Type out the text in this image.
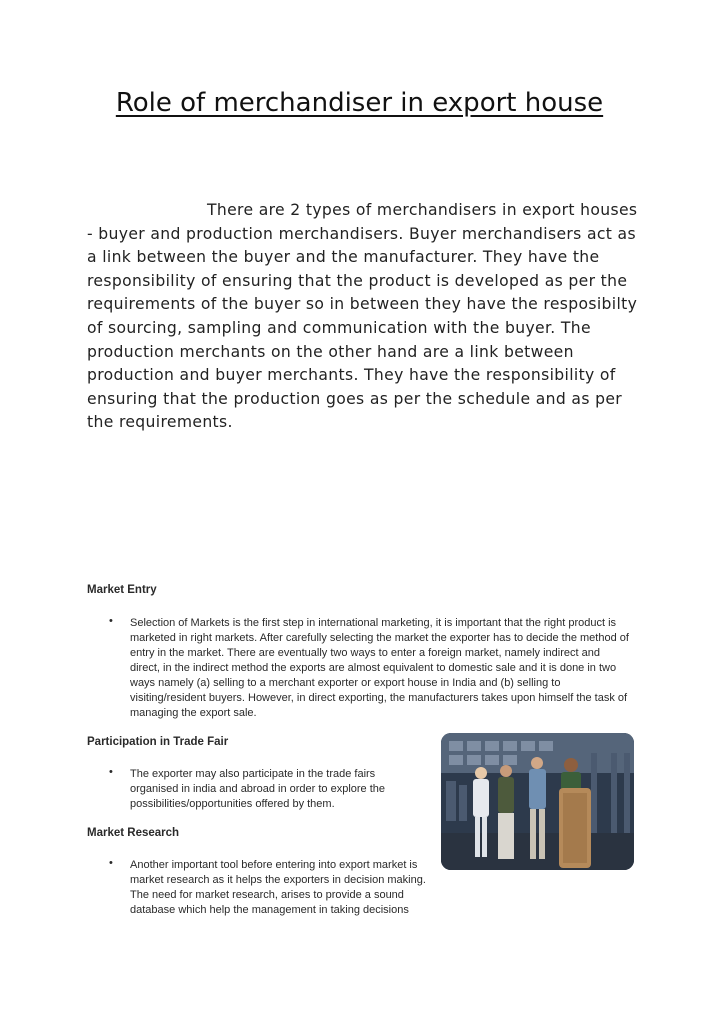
Role of merchandiser in export house

There are 2 types of merchandisers in export houses - buyer and production merchandisers. Buyer merchandisers act as a link between the buyer and the manufacturer. They have the responsibility of ensuring that the product is developed as per the requirements of the buyer so in between they have the resposibilty of sourcing, sampling and communication with the buyer. The production merchants on the other hand are a link between production and buyer merchants. They have the responsibility of ensuring that the production goes as per the schedule and as per the requirements.

Market Entry
• Selection of Markets is the first step in international marketing, it is important that the right product is marketed in right markets. After carefully selecting the market the exporter has to decide the method of entry in the market. There are eventually two ways to enter a foreign market, namely indirect and direct, in the indirect method the exports are almost equivalent to domestic sale and it is done in two ways namely (a) selling to a merchant exporter or export house in India and (b) selling to visiting/resident buyers. However, in direct exporting, the manufacturers takes upon himself the task of managing the export sale.

Participation in Trade Fair
• The exporter may also participate in the trade fairs organised in india and abroad in order to explore the possibilities/opportunities offered by them.

Market Research
• Another important tool before entering into export market is market research as it helps the exporters in decision making. The need for market research, arises to provide a sound database which help the management in taking decisions
